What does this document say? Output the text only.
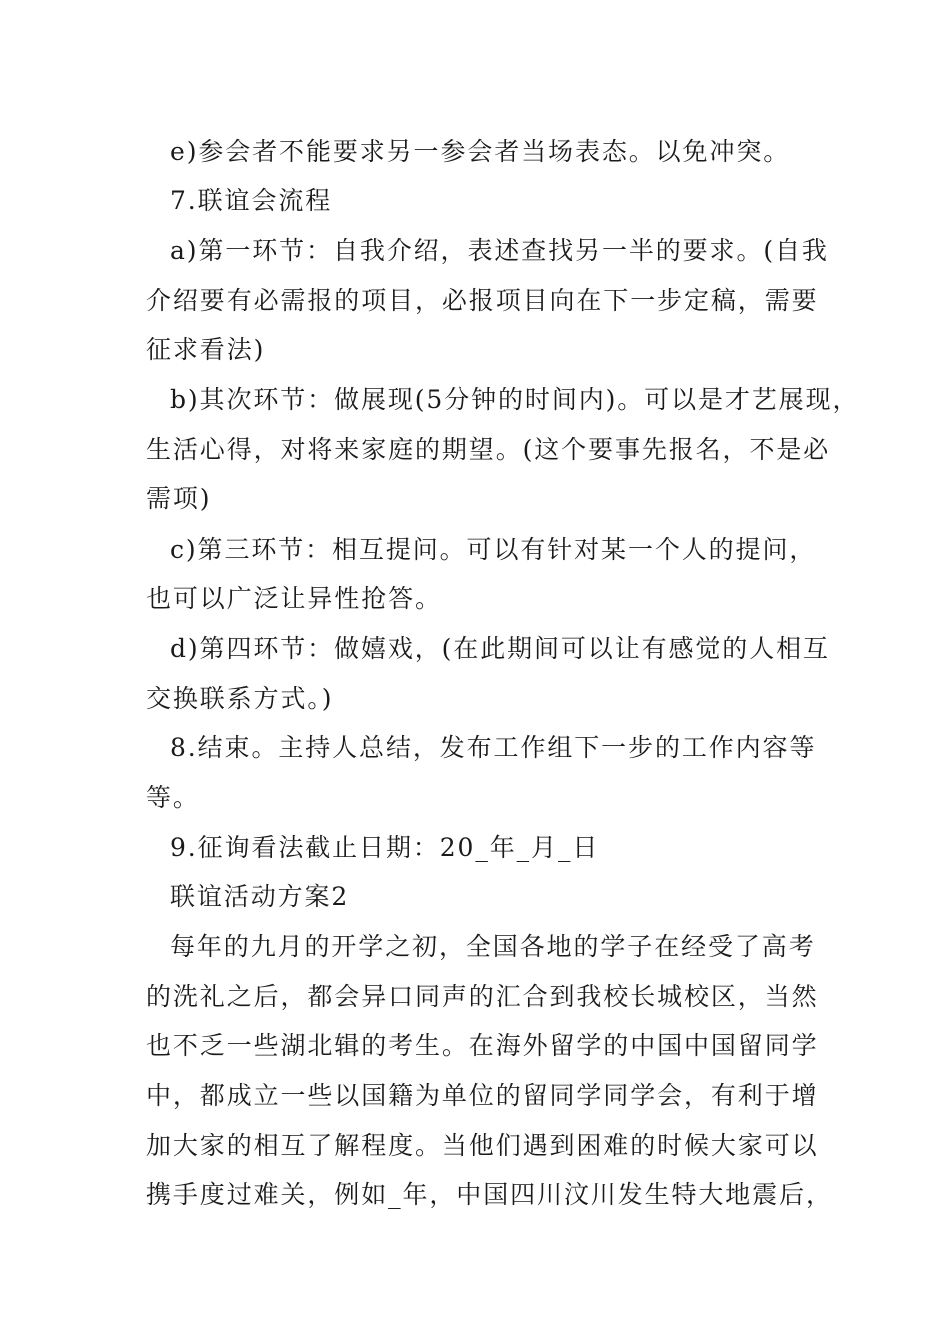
e)参会者不能要求另一参会者当场表态。以免冲突。
7.联谊会流程
a)第一环节：自我介绍，表述查找另一半的要求。(自我
介绍要有必需报的项目，必报项目向在下一步定稿，需要
征求看法)
b)其次环节：做展现(5分钟的时间内)。可以是才艺展现，
生活心得，对将来家庭的期望。(这个要事先报名，不是必
需项)
c)第三环节：相互提问。可以有针对某一个人的提问，
也可以广泛让异性抢答。
d)第四环节：做嬉戏，(在此期间可以让有感觉的人相互
交换联系方式。)
8.结束。主持人总结，发布工作组下一步的工作内容等
等。
9.征询看法截止日期：20_年_月_日
联谊活动方案2
每年的九月的开学之初，全国各地的学子在经受了高考
的洗礼之后，都会异口同声的汇合到我校长城校区，当然
也不乏一些湖北辑的考生。在海外留学的中国中国留同学
中，都成立一些以国籍为单位的留同学同学会，有利于增
加大家的相互了解程度。当他们遇到困难的时候大家可以
携手度过难关，例如_年，中国四川汶川发生特大地震后，
